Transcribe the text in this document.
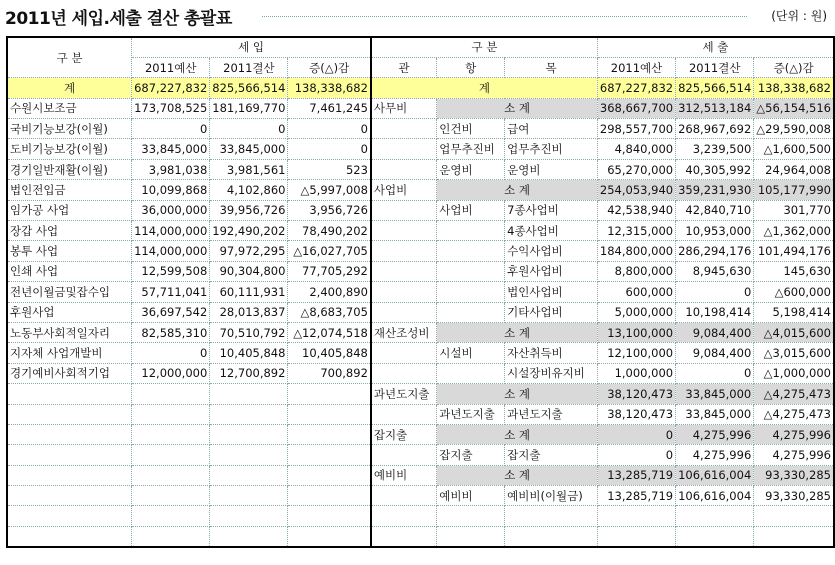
2011년 세입.세출 결산 총괄표	(단위 : 원)
구 분	세 입			구 분			세 출		
	2011예산	2011결산	증(△)감	관	항	목	2011예산	2011결산	증(△)감
계	687,227,832	825,566,514	138,338,682	계			687,227,832	825,566,514	138,338,682
수원시보조금	173,708,525	181,169,770	7,461,245	사무비	소 계		368,667,700	312,513,184	△56,154,516
국비기능보강(이월)	0	0	0		인건비	급여	298,557,700	268,967,692	△29,590,008
도비기능보강(이월)	33,845,000	33,845,000	0		업무추진비	업무추진비	4,840,000	3,239,500	△1,600,500
경기일반재활(이월)	3,981,038	3,981,561	523		운영비	운영비	65,270,000	40,305,992	24,964,008
법인전입금	10,099,868	4,102,860	△5,997,008	사업비	소 계		254,053,940	359,231,930	105,177,990
임가공 사업	36,000,000	39,956,726	3,956,726		사업비	7종사업비	42,538,940	42,840,710	301,770
장갑 사업	114,000,000	192,490,202	78,490,202			4종사업비	12,315,000	10,953,000	△1,362,000
봉투 사업	114,000,000	97,972,295	△16,027,705			수익사업비	184,800,000	286,294,176	101,494,176
인쇄 사업	12,599,508	90,304,800	77,705,292			후원사업비	8,800,000	8,945,630	145,630
전년이월금및잡수입	57,711,041	60,111,931	2,400,890			법인사업비	600,000	0	△600,000
후원사업	36,697,542	28,013,837	△8,683,705			기타사업비	5,000,000	10,198,414	5,198,414
노동부사회적일자리	82,585,310	70,510,792	△12,074,518	재산조성비	소 계		13,100,000	9,084,400	△4,015,600
지자체 사업개발비	0	10,405,848	10,405,848		시설비	자산취득비	12,100,000	9,084,400	△3,015,600
경기예비사회적기업	12,000,000	12,700,892	700,892			시설장비유지비	1,000,000	0	△1,000,000
				과년도지출	소 계		38,120,473	33,845,000	△4,275,473
					과년도지출	과년도지출	38,120,473	33,845,000	△4,275,473
				잡지출	소 계		0	4,275,996	4,275,996
					잡지출	잡지출	0	4,275,996	4,275,996
				예비비	소 계		13,285,719	106,616,004	93,330,285
					예비비	예비비(이월금)	13,285,719	106,616,004	93,330,285
